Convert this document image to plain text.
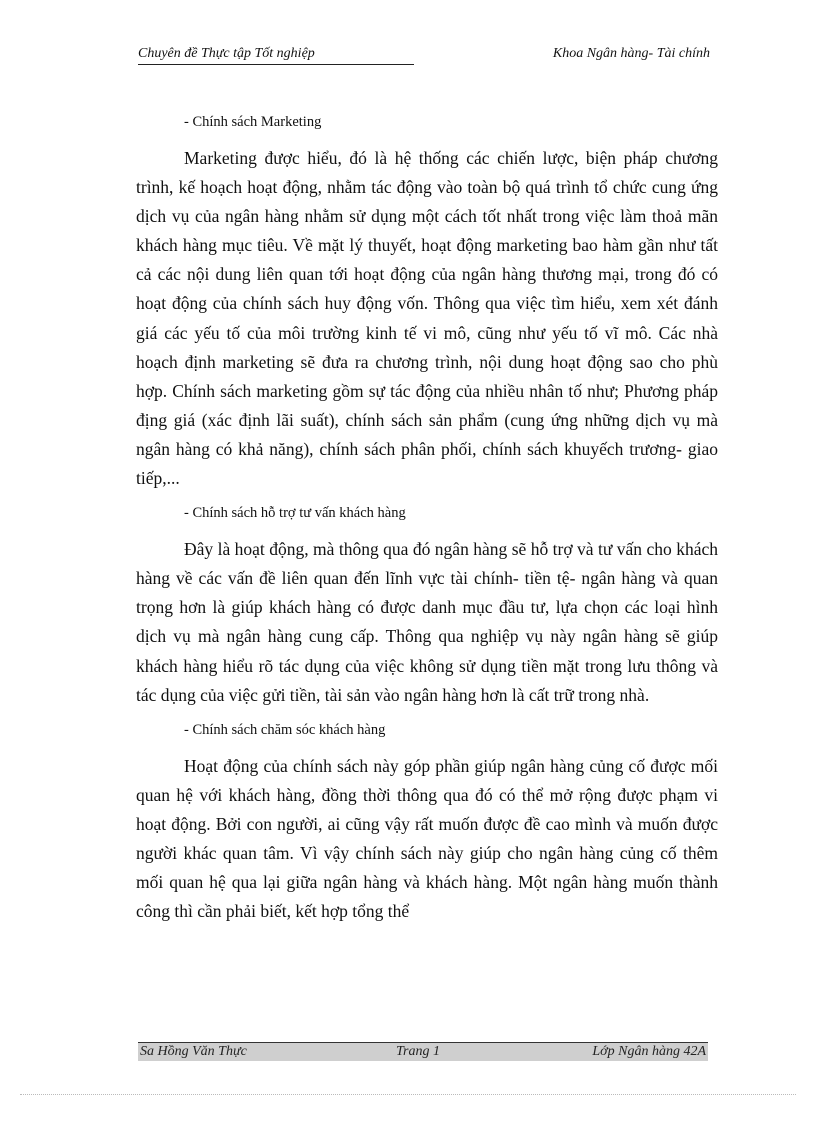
Chuyên đề Thực tập Tốt nghiệp	Khoa Ngân hàng- Tài chính
- Chính sách Marketing

Marketing được hiểu, đó là hệ thống các chiến lược, biện pháp chương trình, kế hoạch hoạt động, nhằm tác động vào toàn bộ quá trình tổ chức cung ứng dịch vụ của ngân hàng nhằm sử dụng một cách tốt nhất trong việc làm thoả mãn khách hàng mục tiêu. Về mặt lý thuyết, hoạt động marketing bao hàm gần như tất cả các nội dung liên quan tới hoạt động của ngân hàng thương mại, trong đó có hoạt động của chính sách huy động vốn. Thông qua việc tìm hiểu, xem xét đánh giá các yếu tố của môi trường kinh tế vi mô, cũng như yếu tố vĩ mô. Các nhà hoạch định marketing sẽ đưa ra chương trình, nội dung hoạt động sao cho phù hợp. Chính sách marketing gồm sự tác động của nhiều nhân tố như; Phương pháp địng giá (xác định lãi suất), chính sách sản phẩm (cung ứng những dịch vụ mà ngân hàng có khả năng), chính sách phân phối, chính sách khuyếch trương- giao tiếp,...

- Chính sách hỗ trợ tư vấn khách hàng

Đây là hoạt động, mà thông qua đó ngân hàng sẽ hỗ trợ và tư vấn cho khách hàng về các vấn đề liên quan đến lĩnh vực tài chính- tiền tệ- ngân hàng và quan trọng hơn là giúp khách hàng có được danh mục đầu tư, lựa chọn các loại hình dịch vụ mà ngân hàng cung cấp. Thông qua nghiệp vụ này ngân hàng sẽ giúp khách hàng hiểu rõ tác dụng của việc không sử dụng tiền mặt trong lưu thông và tác dụng của việc gửi tiền, tài sản vào ngân hàng hơn là cất trữ trong nhà.

- Chính sách chăm sóc khách hàng

Hoạt động của chính sách này góp phần giúp ngân hàng củng cố được mối quan hệ với khách hàng, đồng thời thông qua đó có thể mở rộng được phạm vi hoạt động. Bởi con người, ai cũng vậy rất muốn được đề cao mình và muốn được người khác quan tâm. Vì vậy chính sách này giúp cho ngân hàng củng cố thêm mối quan hệ qua lại giữa ngân hàng và khách hàng. Một ngân hàng muốn thành công thì cần phải biết, kết hợp tổng thể

Sa Hồng Văn Thực	Trang 1	Lớp Ngân hàng 42A
